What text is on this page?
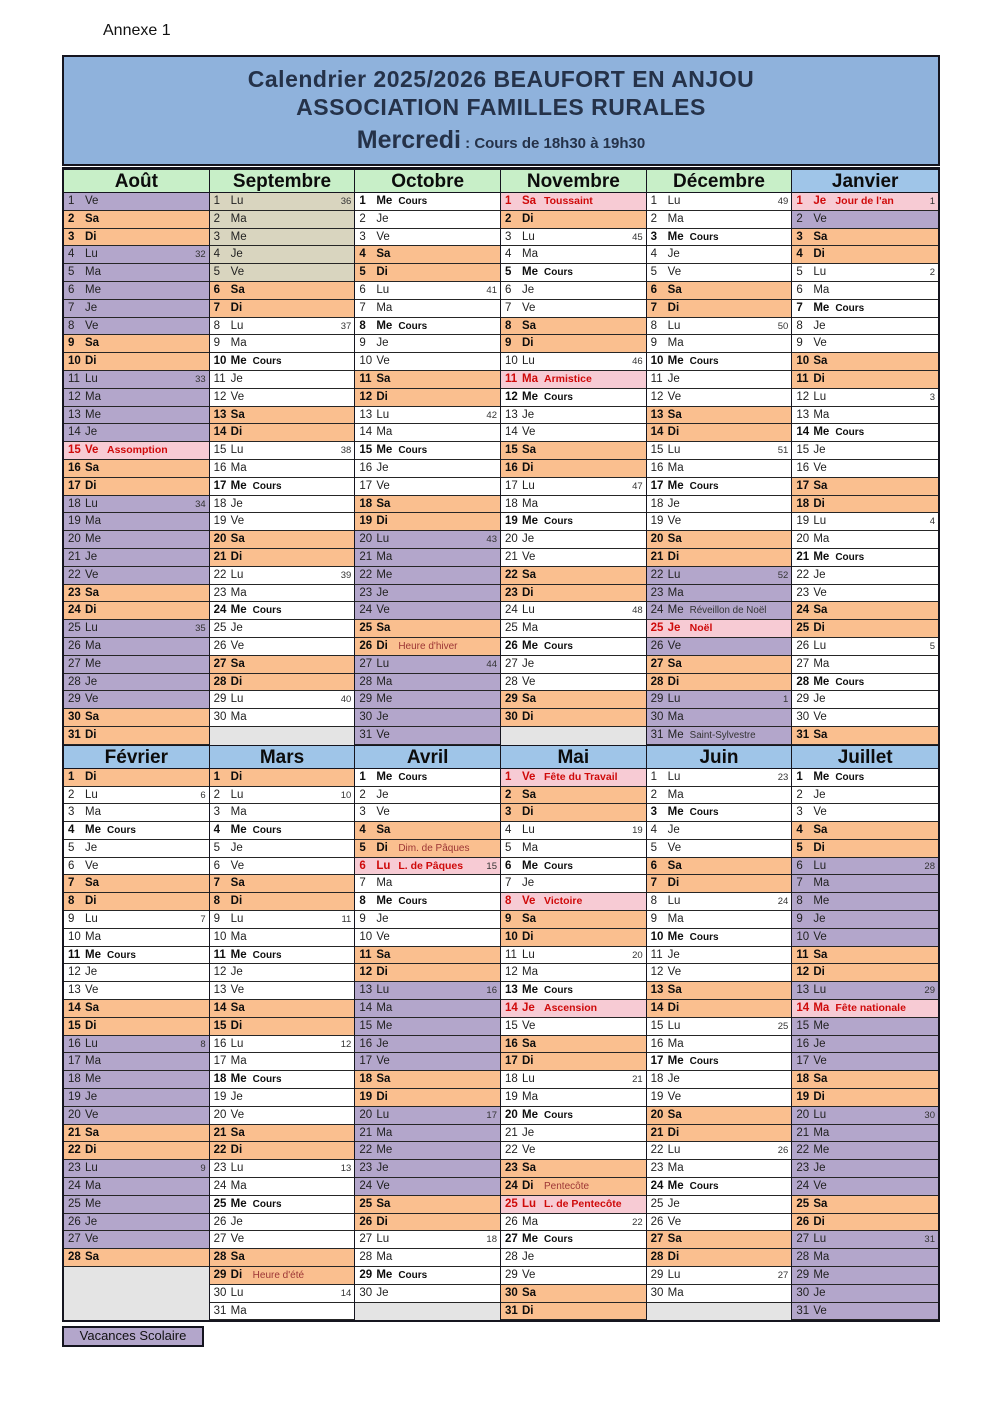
Annexe 1
Calendrier 2025/2026 BEAUFORT EN ANJOU
ASSOCIATION FAMILLES RURALES
Mercredi : Cours de 18h30 à 19h30
Août
1 Ve
2 Sa
3 Di
4 Lu	32
5 Ma
6 Me
7 Je
8 Ve
9 Sa
10 Di
11 Lu	33
12 Ma
13 Me
14 Je
15 Ve Assomption
16 Sa
17 Di
18 Lu	34
19 Ma
20 Me
21 Je
22 Ve
23 Sa
24 Di
25 Lu	35
26 Ma
27 Me
28 Je
29 Ve
30 Sa
31 Di
Septembre
1 Lu	36
2 Ma
3 Me
4 Je
5 Ve
6 Sa
7 Di
8 Lu	37
9 Ma
10 Me Cours
11 Je
12 Ve
13 Sa
14 Di
15 Lu	38
16 Ma
17 Me Cours
18 Je
19 Ve
20 Sa
21 Di
22 Lu	39
23 Ma
24 Me Cours
25 Je
26 Ve
27 Sa
28 Di
29 Lu	40
30 Ma
Octobre
1 Me Cours
2 Je
3 Ve
4 Sa
5 Di
6 Lu	41
7 Ma
8 Me Cours
9 Je
10 Ve
11 Sa
12 Di
13 Lu	42
14 Ma
15 Me Cours
16 Je
17 Ve
18 Sa
19 Di
20 Lu	43
21 Ma
22 Me
23 Je
24 Ve
25 Sa
26 Di Heure d'hiver
27 Lu	44
28 Ma
29 Me
30 Je
31 Ve
Novembre
1 Sa Toussaint
2 Di
3 Lu	45
4 Ma
5 Me Cours
6 Je
7 Ve
8 Sa
9 Di
10 Lu	46
11 Ma Armistice
12 Me Cours
13 Je
14 Ve
15 Sa
16 Di
17 Lu	47
18 Ma
19 Me Cours
20 Je
21 Ve
22 Sa
23 Di
24 Lu	48
25 Ma
26 Me Cours
27 Je
28 Ve
29 Sa
30 Di
Décembre
1 Lu	49
2 Ma
3 Me Cours
4 Je
5 Ve
6 Sa
7 Di
8 Lu	50
9 Ma
10 Me Cours
11 Je
12 Ve
13 Sa
14 Di
15 Lu	51
16 Ma
17 Me Cours
18 Je
19 Ve
20 Sa
21 Di
22 Lu	52
23 Ma
24 Me Réveillon de Noël
25 Je Noël
26 Ve
27 Sa
28 Di
29 Lu	1
30 Ma
31 Me Saint-Sylvestre
Janvier
1 Je Jour de l'an	1
2 Ve
3 Sa
4 Di
5 Lu	2
6 Ma
7 Me Cours
8 Je
9 Ve
10 Sa
11 Di
12 Lu	3
13 Ma
14 Me Cours
15 Je
16 Ve
17 Sa
18 Di
19 Lu	4
20 Ma
21 Me Cours
22 Je
23 Ve
24 Sa
25 Di
26 Lu	5
27 Ma
28 Me Cours
29 Je
30 Ve
31 Sa
Février
1 Di
2 Lu	6
3 Ma
4 Me Cours
5 Je
6 Ve
7 Sa
8 Di
9 Lu	7
10 Ma
11 Me Cours
12 Je
13 Ve
14 Sa
15 Di
16 Lu	8
17 Ma
18 Me
19 Je
20 Ve
21 Sa
22 Di
23 Lu	9
24 Ma
25 Me
26 Je
27 Ve
28 Sa
Mars
1 Di
2 Lu	10
3 Ma
4 Me Cours
5 Je
6 Ve
7 Sa
8 Di
9 Lu	11
10 Ma
11 Me Cours
12 Je
13 Ve
14 Sa
15 Di
16 Lu	12
17 Ma
18 Me Cours
19 Je
20 Ve
21 Sa
22 Di
23 Lu	13
24 Ma
25 Me Cours
26 Je
27 Ve
28 Sa
29 Di Heure d'été
30 Lu	14
31 Ma
Avril
1 Me Cours
2 Je
3 Ve
4 Sa
5 Di Dim. de Pâques
6 Lu L. de Pâques 15
7 Ma
8 Me Cours
9 Je
10 Ve
11 Sa
12 Di
13 Lu	16
14 Ma
15 Me
16 Je
17 Ve
18 Sa
19 Di
20 Lu	17
21 Ma
22 Me
23 Je
24 Ve
25 Sa
26 Di
27 Lu	18
28 Ma
29 Me Cours
30 Je
Mai
1 Ve Fête du Travail
2 Sa
3 Di
4 Lu	19
5 Ma
6 Me Cours
7 Je
8 Ve Victoire
9 Sa
10 Di
11 Lu	20
12 Ma
13 Me Cours
14 Je Ascension
15 Ve
16 Sa
17 Di
18 Lu	21
19 Ma
20 Me Cours
21 Je
22 Ve
23 Sa
24 Di Pentecôte
25 Lu L. de Pentecôte
26 Ma	22
27 Me Cours
28 Je
29 Ve
30 Sa
31 Di
Juin
1 Lu	23
2 Ma
3 Me Cours
4 Je
5 Ve
6 Sa
7 Di
8 Lu	24
9 Ma
10 Me Cours
11 Je
12 Ve
13 Sa
14 Di
15 Lu	25
16 Ma
17 Me Cours
18 Je
19 Ve
20 Sa
21 Di
22 Lu	26
23 Ma
24 Me Cours
25 Je
26 Ve
27 Sa
28 Di
29 Lu	27
30 Ma
Juillet
1 Me Cours
2 Je
3 Ve
4 Sa
5 Di
6 Lu	28
7 Ma
8 Me
9 Je
10 Ve
11 Sa
12 Di
13 Lu	29
14 Ma Fête nationale
15 Me
16 Je
17 Ve
18 Sa
19 Di
20 Lu	30
21 Ma
22 Me
23 Je
24 Ve
25 Sa
26 Di
27 Lu	31
28 Ma
29 Me
30 Je
31 Ve
Vacances Scolaire
